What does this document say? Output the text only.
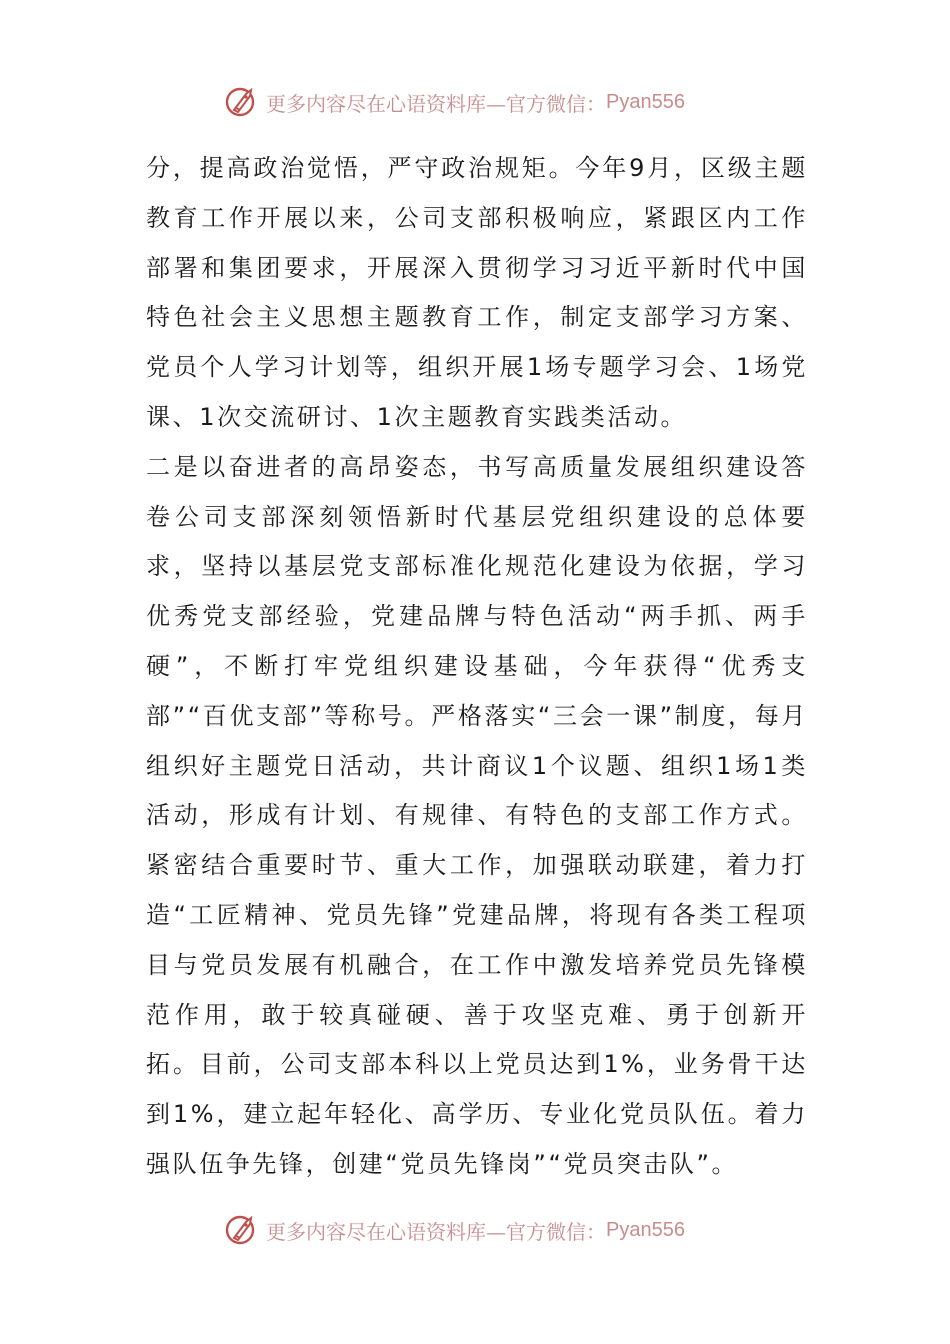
更多内容尽在心语资料库—官方微信： Pyan556

分，提高政治觉悟，严守政治规矩。今年9月，区级主题教育工作开展以来，公司支部积极响应，紧跟区内工作部署和集团要求，开展深入贯彻学习习近平新时代中国特色社会主义思想主题教育工作，制定支部学习方案、党员个人学习计划等，组织开展1场专题学习会、1场党课、1次交流研讨、1次主题教育实践类活动。

二是以奋进者的高昂姿态，书写高质量发展组织建设答卷公司支部深刻领悟新时代基层党组织建设的总体要求，坚持以基层党支部标准化规范化建设为依据，学习优秀党支部经验，党建品牌与特色活动“两手抓、两手硬”，不断打牢党组织建设基础，今年获得“优秀支部”“百优支部”等称号。严格落实“三会一课”制度，每月组织好主题党日活动，共计商议1个议题、组织1场1类活动，形成有计划、有规律、有特色的支部工作方式。紧密结合重要时节、重大工作，加强联动联建，着力打造“工匠精神、党员先锋”党建品牌，将现有各类工程项目与党员发展有机融合，在工作中激发培养党员先锋模范作用，敢于较真碰硬、善于攻坚克难、勇于创新开拓。目前，公司支部本科以上党员达到1%，业务骨干达到1%，建立起年轻化、高学历、专业化党员队伍。着力强队伍争先锋，创建“党员先锋岗”“党员突击队”。

更多内容尽在心语资料库—官方微信： Pyan556
